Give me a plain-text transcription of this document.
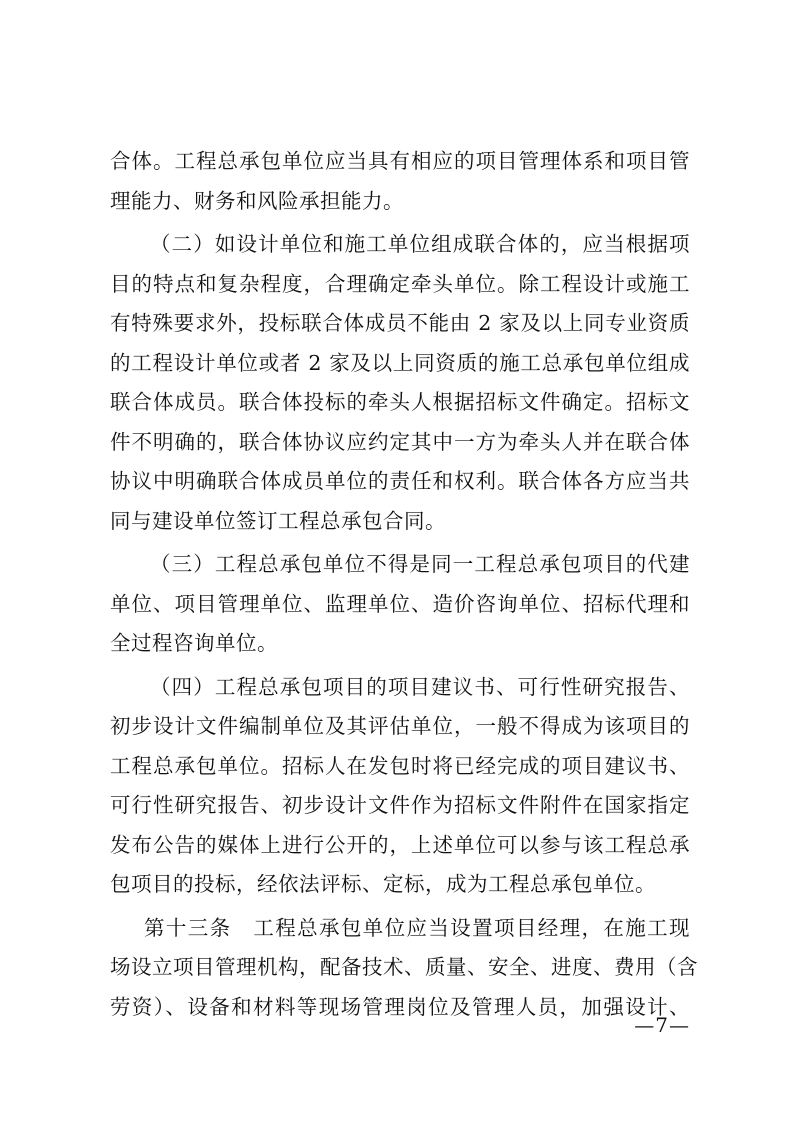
合体。工程总承包单位应当具有相应的项目管理体系和项目管
理能力、财务和风险承担能力。
（二）如设计单位和施工单位组成联合体的，应当根据项
目的特点和复杂程度，合理确定牵头单位。除工程设计或施工
有特殊要求外，投标联合体成员不能由 2 家及以上同专业资质
的工程设计单位或者 2 家及以上同资质的施工总承包单位组成
联合体成员。联合体投标的牵头人根据招标文件确定。招标文
件不明确的，联合体协议应约定其中一方为牵头人并在联合体
协议中明确联合体成员单位的责任和权利。联合体各方应当共
同与建设单位签订工程总承包合同。
（三）工程总承包单位不得是同一工程总承包项目的代建
单位、项目管理单位、监理单位、造价咨询单位、招标代理和
全过程咨询单位。
（四）工程总承包项目的项目建议书、可行性研究报告、
初步设计文件编制单位及其评估单位，一般不得成为该项目的
工程总承包单位。招标人在发包时将已经完成的项目建议书、
可行性研究报告、初步设计文件作为招标文件附件在国家指定
发布公告的媒体上进行公开的，上述单位可以参与该工程总承
包项目的投标，经依法评标、定标，成为工程总承包单位。
第十三条　工程总承包单位应当设置项目经理，在施工现
场设立项目管理机构，配备技术、质量、安全、进度、费用（含
劳资）、设备和材料等现场管理岗位及管理人员，加强设计、
—7—
